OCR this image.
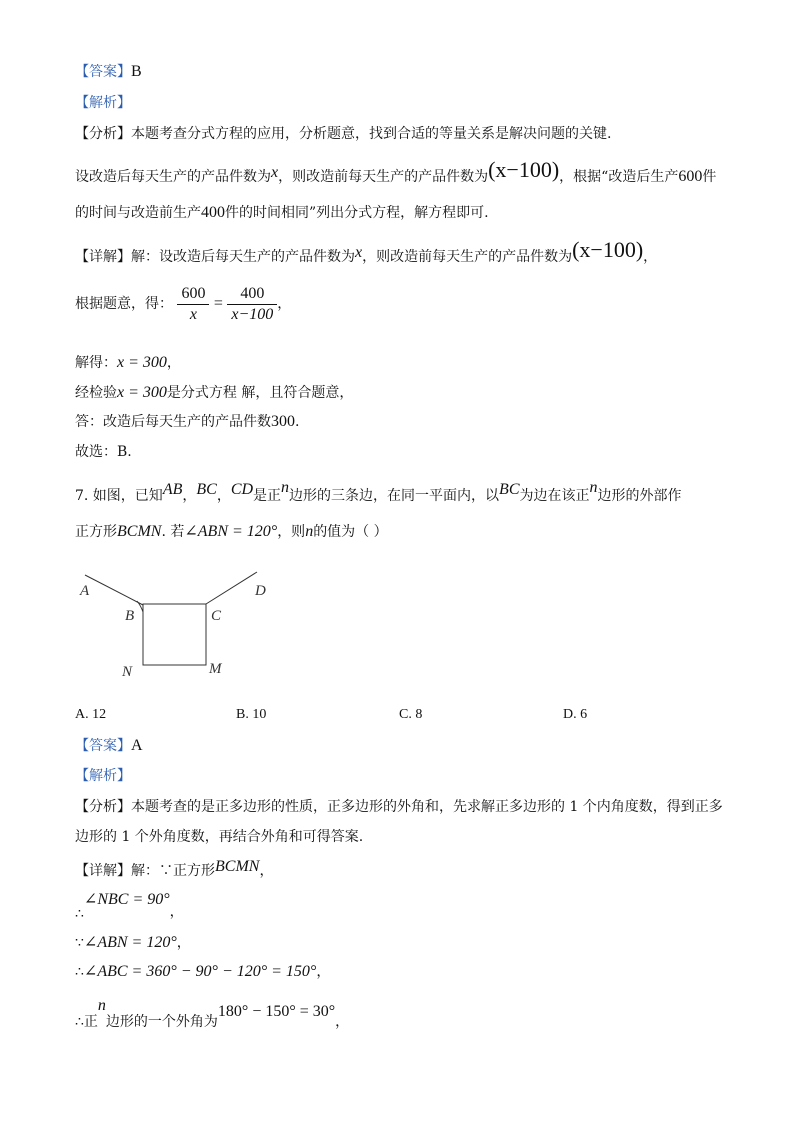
【答案】B
【解析】
【分析】本题考查分式方程的应用，分析题意，找到合适的等量关系是解决问题的关键.
设改造后每天生产的产品件数为x，则改造前每天生产的产品件数为(x−100)，根据“改造后生产600件
的时间与改造前生产400件的时间相同”列出分式方程，解方程即可.
【详解】解：设改造后每天生产的产品件数为x，则改造前每天生产的产品件数为(x−100)，
根据题意，得： $\frac{600}{x} = \frac{400}{x-100}$ ，
解得：x = 300，
经检验x = 300是分式方程 解，且符合题意，
答：改造后每天生产的产品件数300.
故选：B.
7. 如图，已知AB，BC，CD是正n边形的三条边，在同一平面内，以BC为边在该正n边形的外部作
正方形BCMN. 若∠ABN = 120°，则n的值为（ ）
A
B	C
D
N	M
A. 12	B. 10	C. 8	D. 6
【答案】A
【解析】
【分析】本题考查的是正多边形的性质，正多边形的外角和，先求解正多边形的 1 个内角度数，得到正多
边形的 1 个外角度数，再结合外角和可得答案.
【详解】解：∵正方形BCMN，
∴∠NBC = 90°，
∵∠ABN = 120°，
∴∠ABC = 360° − 90° − 120° = 150°，
∴正n边形的一个外角为180° − 150° = 30°，
